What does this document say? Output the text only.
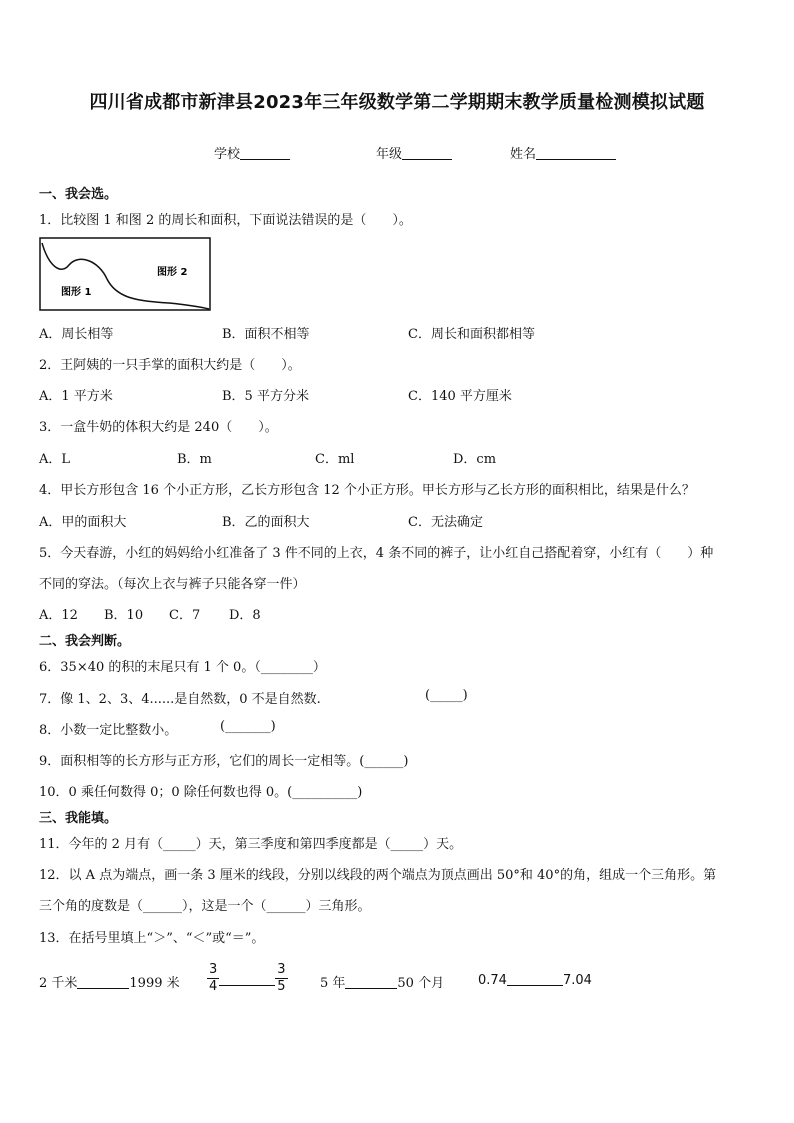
四川省成都市新津县2023年三年级数学第二学期期末教学质量检测模拟试题
学校	年级	姓名
一、我会选。
1．比较图 1 和图 2 的周长和面积，下面说法错误的是（　　）。
图形 1
图形 2
A．周长相等	B．面积不相等	C．周长和面积都相等
2．王阿姨的一只手掌的面积大约是（　　）。
A．1 平方米	B．5 平方分米	C．140 平方厘米
3．一盒牛奶的体积大约是 240（　　）。
A．L	B．m	C．ml	D．cm
4．甲长方形包含 16 个小正方形，乙长方形包含 12 个小正方形。甲长方形与乙长方形的面积相比，结果是什么？
A．甲的面积大	B．乙的面积大	C．无法确定
5．今天春游，小红的妈妈给小红准备了 3 件不同的上衣，4 条不同的裤子，让小红自己搭配着穿，小红有（　　）种
不同的穿法。（每次上衣与裤子只能各穿一件）
A．12 B．10 C．7 D．8
二、我会判断。
6．35×40 的积的末尾只有 1 个 0。（________）
7．像 1、2、3、4......是自然数，0 不是自然数.	(_____)
8．小数一定比整数小。	(_______)
9．面积相等的长方形与正方形，它们的周长一定相等。(______)
10．0 乘任何数得 0；0 除任何数也得 0。(__________)
三、我能填。
11．今年的 2 月有（_____）天，第三季度和第四季度都是（_____）天。
12．以 A 点为端点，画一条 3 厘米的线段，分别以线段的两个端点为顶点画出 50°和 40°的角，组成一个三角形。第
三个角的度数是（______），这是一个（______）三角形。
13．在括号里填上“＞”、“＜”或“＝”。
2 千米	1999 米 $\frac{3}{4}$	$\frac{3}{5} 5$ 年	50 个月	0.74	7.04
